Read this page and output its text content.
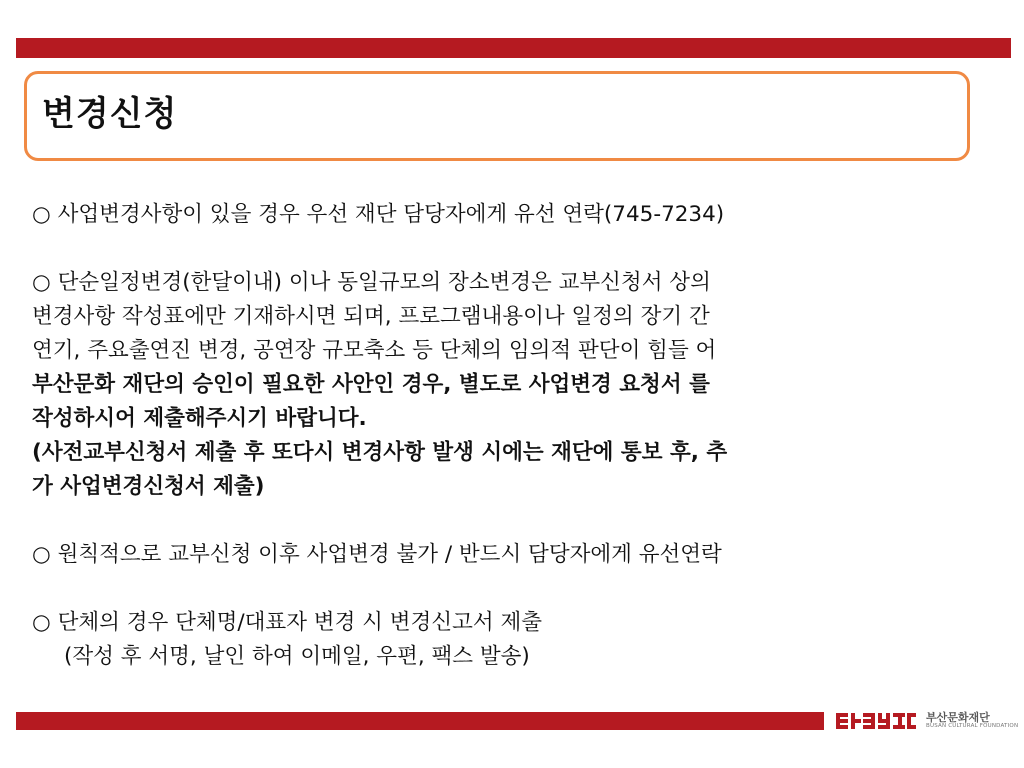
변경신청
○ 사업변경사항이 있을 경우 우선 재단 담당자에게 유선 연락(745-7234)
○ 단순일정변경(한달이내) 이나 동일규모의 장소변경은 교부신청서 상의
변경사항 작성표에만 기재하시면 되며, 프로그램내용이나 일정의 장기 간
연기, 주요출연진 변경, 공연장 규모축소 등 단체의 임의적 판단이 힘들 어
부산문화 재단의 승인이 필요한 사안인 경우, 별도로 사업변경 요청서 를
작성하시어 제출해주시기 바랍니다.
(사전교부신청서 제출 후 또다시 변경사항 발생 시에는 재단에 통보 후, 추
가 사업변경신청서 제출)
○ 원칙적으로 교부신청 이후 사업변경 불가 / 반드시 담당자에게 유선연락
○ 단체의 경우 단체명/대표자 변경 시 변경신고서 제출
(작성 후 서명, 날인 하여 이메일, 우편, 팩스 발송)
부산문화재단
BUSAN CULTURAL FOUNDATION
